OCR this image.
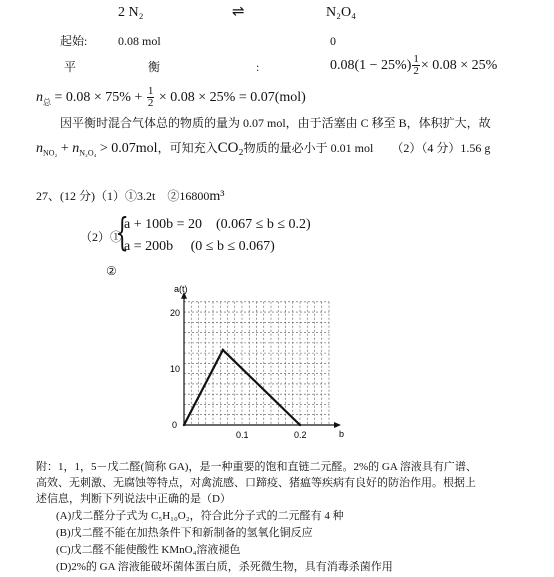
2 N₂	⇌	N₂O₄
起始:	0.08 mol	0
平	衡	:	$0.08(1 - 25\%) \frac{1}{2} \times 0.08 \times 25\%$
$n_总 = 0.08 \times 75\% + \frac{1}{2} \times 0.08 \times 25\% = 0.07(mol)$
因平衡时混合气体总的物质的量为 0.07 mol，由于活塞由 C 移至 B，体积扩大，故
$n_{NO_2} + n_{N_2O_4} > 0.07mol$，可知充入CO₂物质的量必小于 0.01 mol （2）（4 分）1.56 g
27、(12 分)（1）①3.2t　②16800m³
（2）①
{
a + 100b = 20　(0.067 ≤ b ≤ 0.2)
a = 200b　 (0 ≤ b ≤ 0.067)
②
a(t)
b
0
20
10
0.1	0.2
附：1，1，5－戊二醛(简称 GA)，是一种重要的饱和直链二元醛。2%的 GA 溶液具有广谱、
高效、无刺激、无腐蚀等特点，对禽流感、口蹄疫、猪瘟等疾病有良好的防治作用。根据上
述信息，判断下列说法中正确的是（D）
(A)戊二醛分子式为 C₅H₁₀O₂，符合此分子式的二元醛有 4 种
(B)戊二醛不能在加热条件下和新制备的氢氧化铜反应
(C)戊二醛不能使酸性 KMnO₄溶液褪色
(D)2%的 GA 溶液能破坏菌体蛋白质，杀死微生物，具有消毒杀菌作用
